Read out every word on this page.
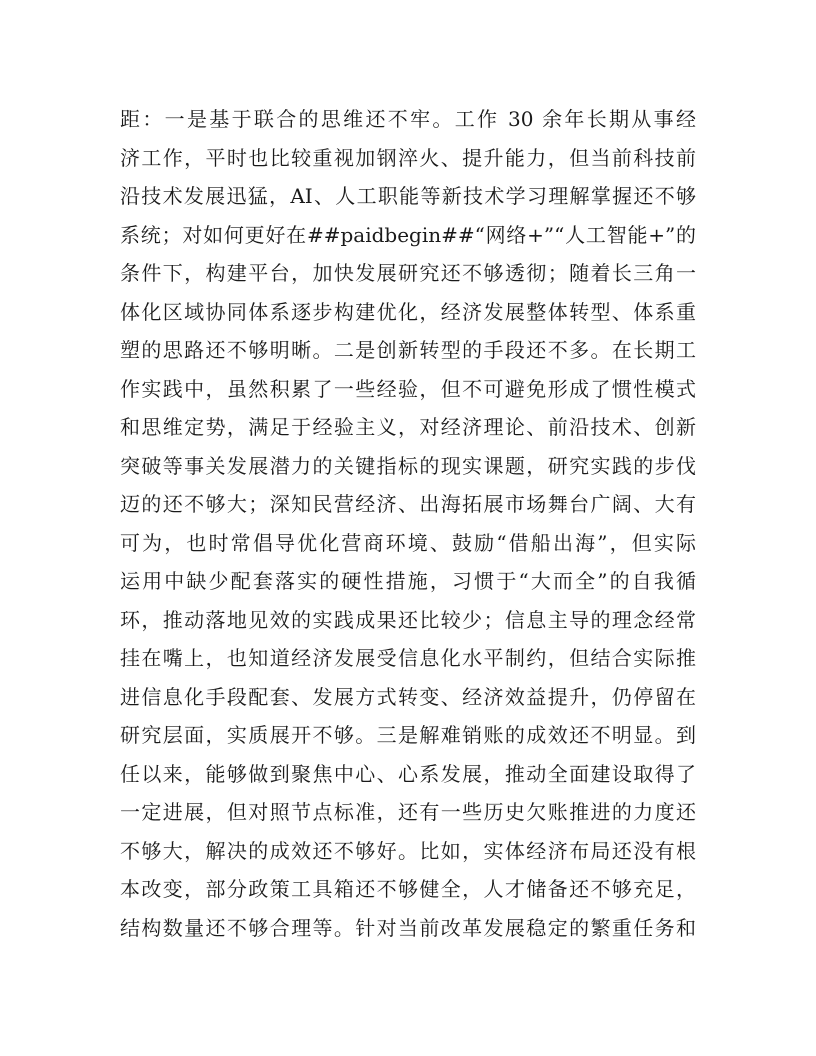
距：一是基于联合的思维还不牢。工作 30 余年长期从事经
济工作，平时也比较重视加钢淬火、提升能力，但当前科技前
沿技术发展迅猛，AI、人工职能等新技术学习理解掌握还不够
系统；对如何更好在##paidbegin##“网络+”“人工智能+”的
条件下，构建平台，加快发展研究还不够透彻；随着长三角一
体化区域协同体系逐步构建优化，经济发展整体转型、体系重
塑的思路还不够明晰。二是创新转型的手段还不多。在长期工
作实践中，虽然积累了一些经验，但不可避免形成了惯性模式
和思维定势，满足于经验主义，对经济理论、前沿技术、创新
突破等事关发展潜力的关键指标的现实课题，研究实践的步伐
迈的还不够大；深知民营经济、出海拓展市场舞台广阔、大有
可为，也时常倡导优化营商环境、鼓励“借船出海”，但实际
运用中缺少配套落实的硬性措施，习惯于“大而全”的自我循
环，推动落地见效的实践成果还比较少；信息主导的理念经常
挂在嘴上，也知道经济发展受信息化水平制约，但结合实际推
进信息化手段配套、发展方式转变、经济效益提升，仍停留在
研究层面，实质展开不够。三是解难销账的成效还不明显。到
任以来，能够做到聚焦中心、心系发展，推动全面建设取得了
一定进展，但对照节点标准，还有一些历史欠账推进的力度还
不够大，解决的成效还不够好。比如，实体经济布局还没有根
本改变，部分政策工具箱还不够健全，人才储备还不够充足，
结构数量还不够合理等。针对当前改革发展稳定的繁重任务和
